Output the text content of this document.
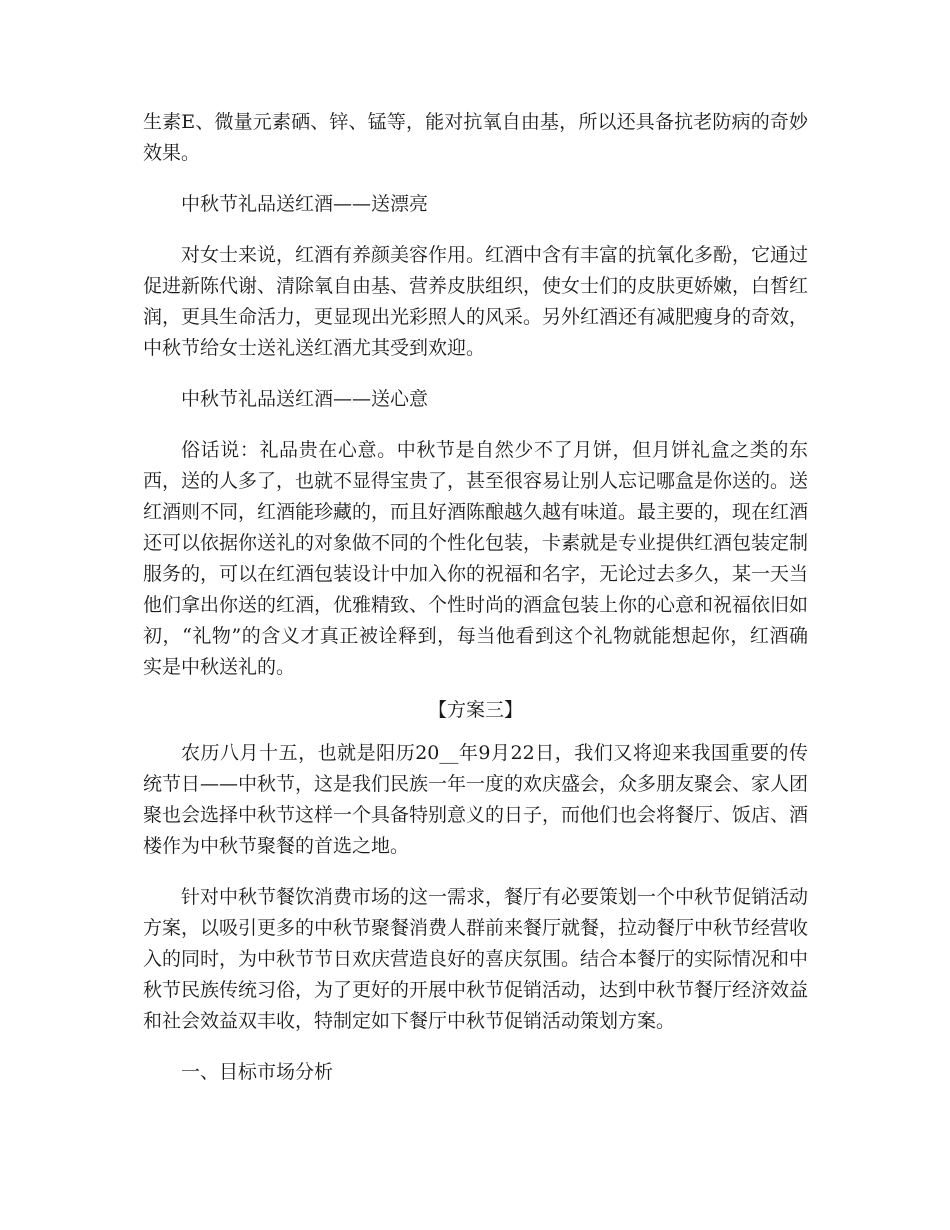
生素E、微量元素硒、锌、锰等，能对抗氧自由基，所以还具备抗老防病的奇妙效果。

中秋节礼品送红酒——送漂亮

对女士来说，红酒有养颜美容作用。红酒中含有丰富的抗氧化多酚，它通过促进新陈代谢、清除氧自由基、营养皮肤组织，使女士们的皮肤更娇嫩，白皙红润，更具生命活力，更显现出光彩照人的风采。另外红酒还有减肥瘦身的奇效，中秋节给女士送礼送红酒尤其受到欢迎。

中秋节礼品送红酒——送心意

俗话说：礼品贵在心意。中秋节是自然少不了月饼，但月饼礼盒之类的东西，送的人多了，也就不显得宝贵了，甚至很容易让别人忘记哪盒是你送的。送红酒则不同，红酒能珍藏的，而且好酒陈酿越久越有味道。最主要的，现在红酒还可以依据你送礼的对象做不同的个性化包装，卡素就是专业提供红酒包装定制服务的，可以在红酒包装设计中加入你的祝福和名字，无论过去多久，某一天当他们拿出你送的红酒，优雅精致、个性时尚的酒盒包装上你的心意和祝福依旧如初，“礼物”的含义才真正被诠释到，每当他看到这个礼物就能想起你，红酒确实是中秋送礼的。

【方案三】

农历八月十五，也就是阳历20__年9月22日，我们又将迎来我国重要的传统节日——中秋节，这是我们民族一年一度的欢庆盛会，众多朋友聚会、家人团聚也会选择中秋节这样一个具备特别意义的日子，而他们也会将餐厅、饭店、酒楼作为中秋节聚餐的首选之地。

针对中秋节餐饮消费市场的这一需求，餐厅有必要策划一个中秋节促销活动方案，以吸引更多的中秋节聚餐消费人群前来餐厅就餐，拉动餐厅中秋节经营收入的同时，为中秋节节日欢庆营造良好的喜庆氛围。结合本餐厅的实际情况和中秋节民族传统习俗，为了更好的开展中秋节促销活动，达到中秋节餐厅经济效益和社会效益双丰收，特制定如下餐厅中秋节促销活动策划方案。

一、目标市场分析
